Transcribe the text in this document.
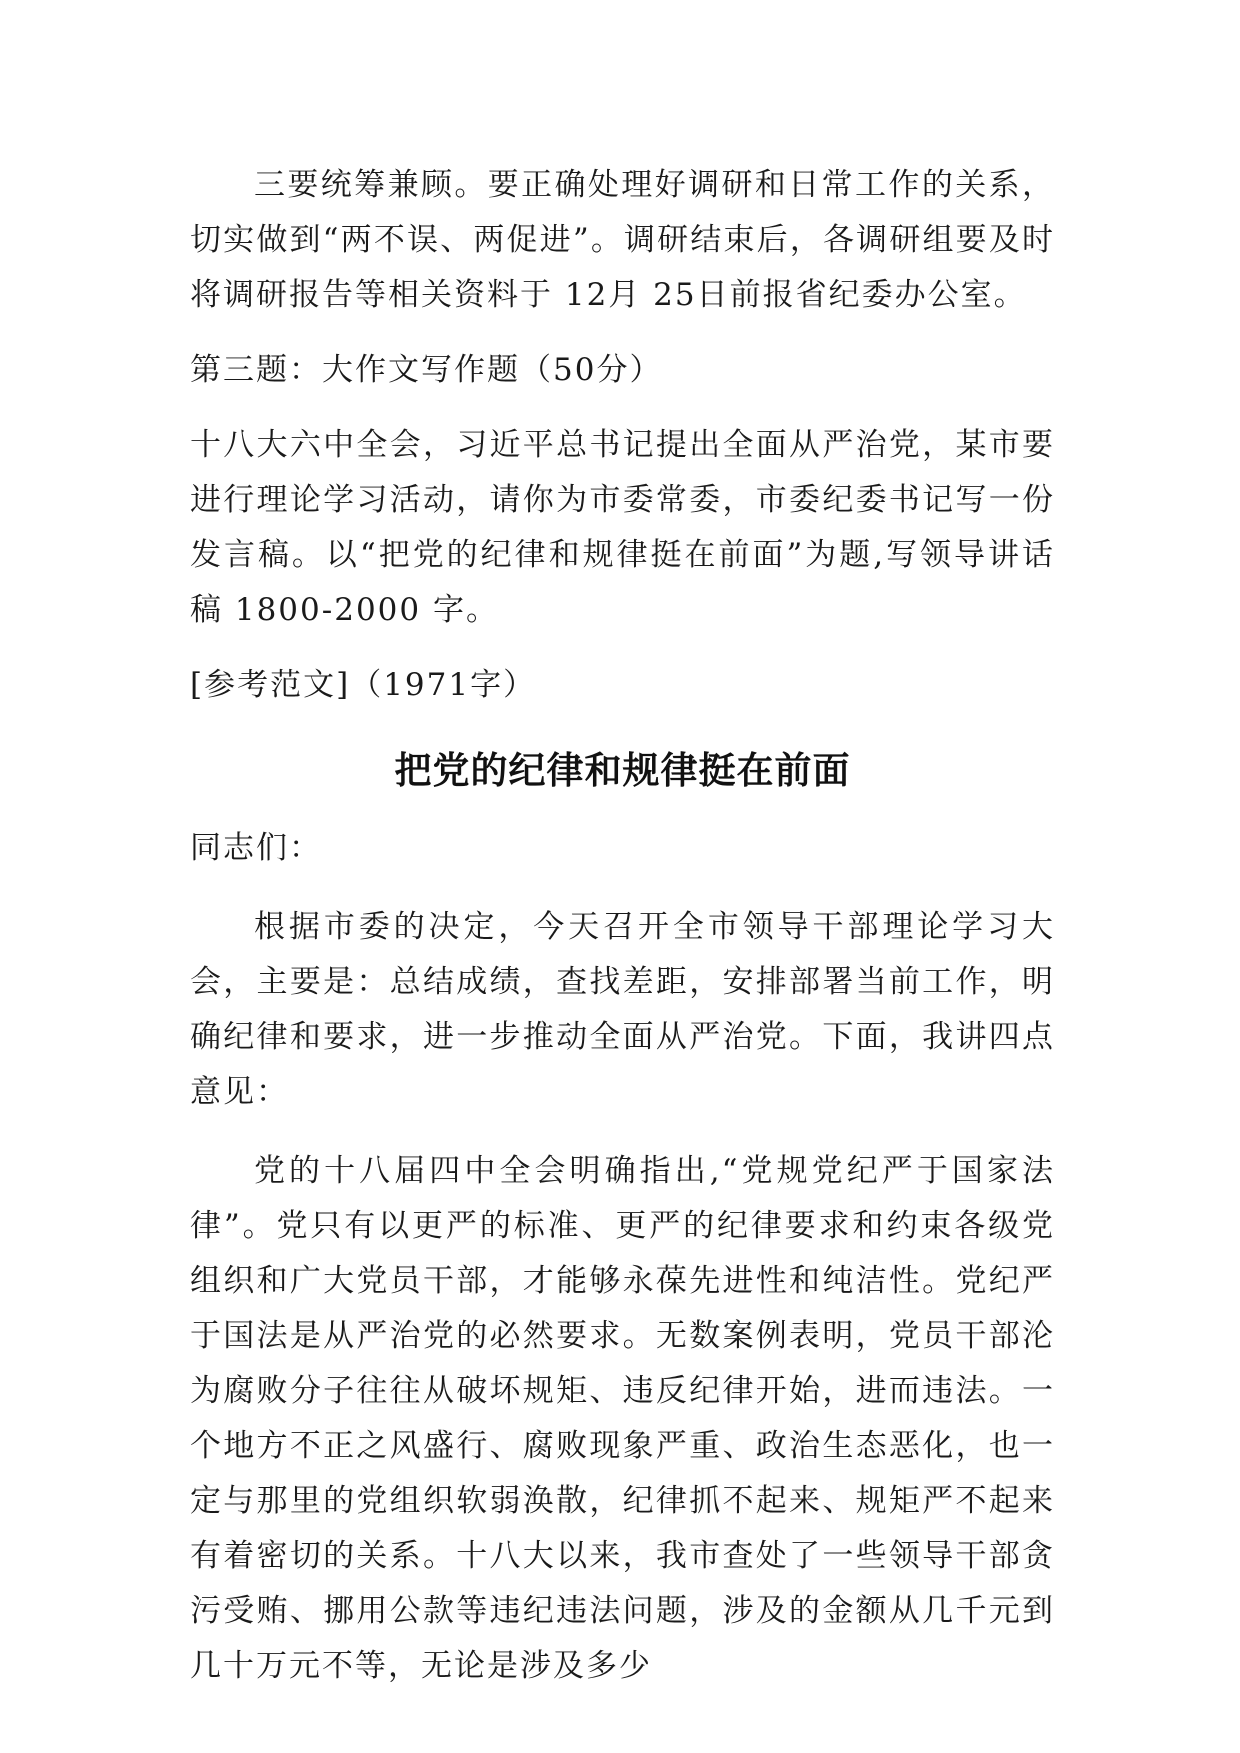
三要统筹兼顾。要正确处理好调研和日常工作的关系，切实做到“两不误、两促进”。调研结束后，各调研组要及时将调研报告等相关资料于 12月 25日前报省纪委办公室。

第三题：大作文写作题（50分）

十八大六中全会，习近平总书记提出全面从严治党，某市要进行理论学习活动，请你为市委常委，市委纪委书记写一份发言稿。以“把党的纪律和规律挺在前面”为题,写领导讲话稿 1800-2000 字。

[参考范文]（1971字）

把党的纪律和规律挺在前面

同志们：

根据市委的决定，今天召开全市领导干部理论学习大会，主要是：总结成绩，查找差距，安排部署当前工作，明确纪律和要求，进一步推动全面从严治党。下面，我讲四点意见：

党的十八届四中全会明确指出,“党规党纪严于国家法律”。党只有以更严的标准、更严的纪律要求和约束各级党组织和广大党员干部，才能够永葆先进性和纯洁性。党纪严于国法是从严治党的必然要求。无数案例表明，党员干部沦为腐败分子往往从破坏规矩、违反纪律开始，进而违法。一个地方不正之风盛行、腐败现象严重、政治生态恶化，也一定与那里的党组织软弱涣散，纪律抓不起来、规矩严不起来有着密切的关系。十八大以来，我市查处了一些领导干部贪污受贿、挪用公款等违纪违法问题，涉及的金额从几千元到几十万元不等，无论是涉及多少
